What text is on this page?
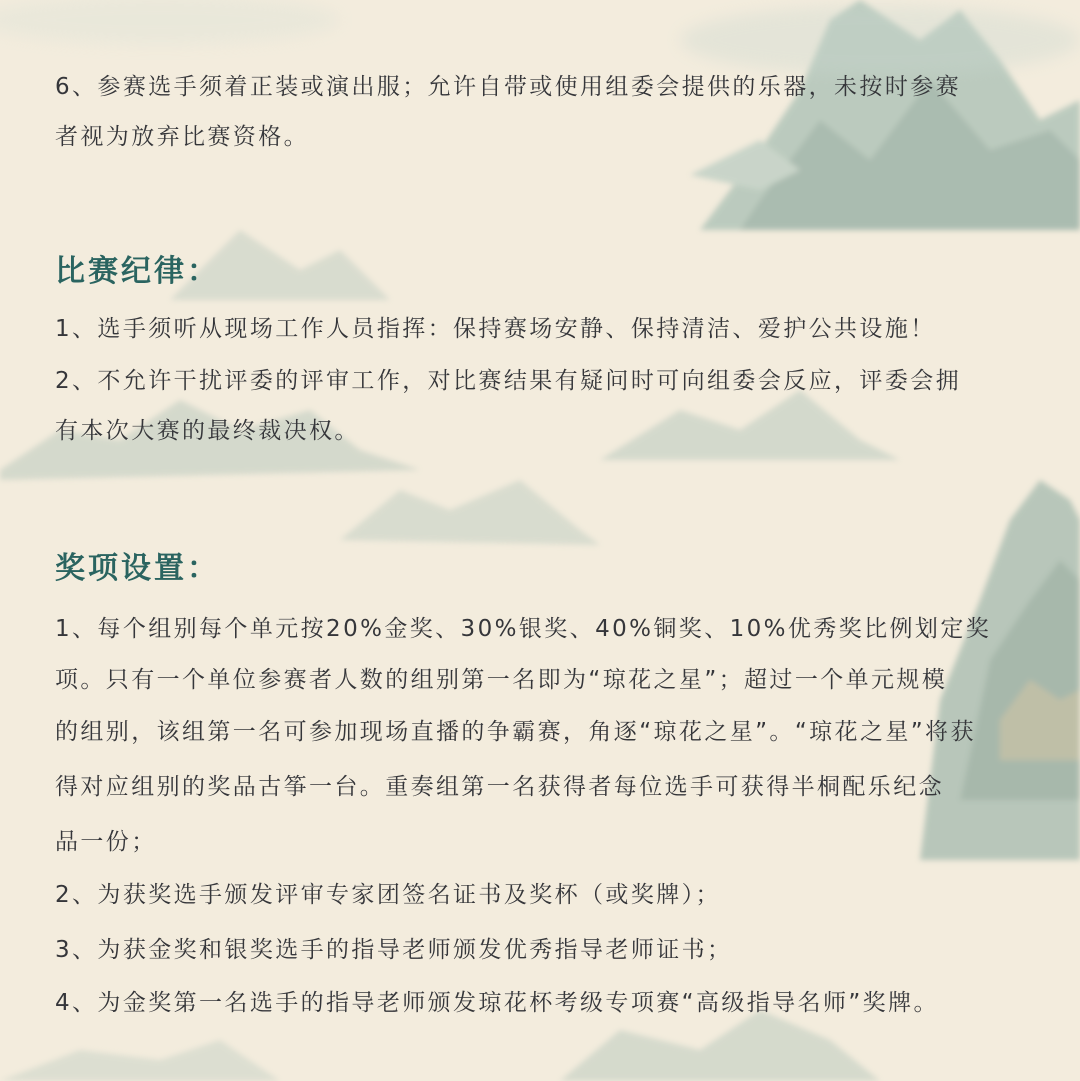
6、参赛选手须着正装或演出服；允许自带或使用组委会提供的乐器，未按时参赛

者视为放弃比赛资格。

比赛纪律：

1、选手须听从现场工作人员指挥：保持赛场安静、保持清洁、爱护公共设施！

2、不允许干扰评委的评审工作，对比赛结果有疑问时可向组委会反应，评委会拥

有本次大赛的最终裁决权。

奖项设置：

1、每个组别每个单元按20%金奖、30%银奖、40%铜奖、10%优秀奖比例划定奖

项。只有一个单位参赛者人数的组别第一名即为“琼花之星”；超过一个单元规模

的组别，该组第一名可参加现场直播的争霸赛，角逐“琼花之星”。“琼花之星”将获

得对应组别的奖品古筝一台。重奏组第一名获得者每位选手可获得半桐配乐纪念

品一份；

2、为获奖选手颁发评审专家团签名证书及奖杯（或奖牌）；

3、为获金奖和银奖选手的指导老师颁发优秀指导老师证书；

4、为金奖第一名选手的指导老师颁发琼花杯考级专项赛“高级指导名师”奖牌。
